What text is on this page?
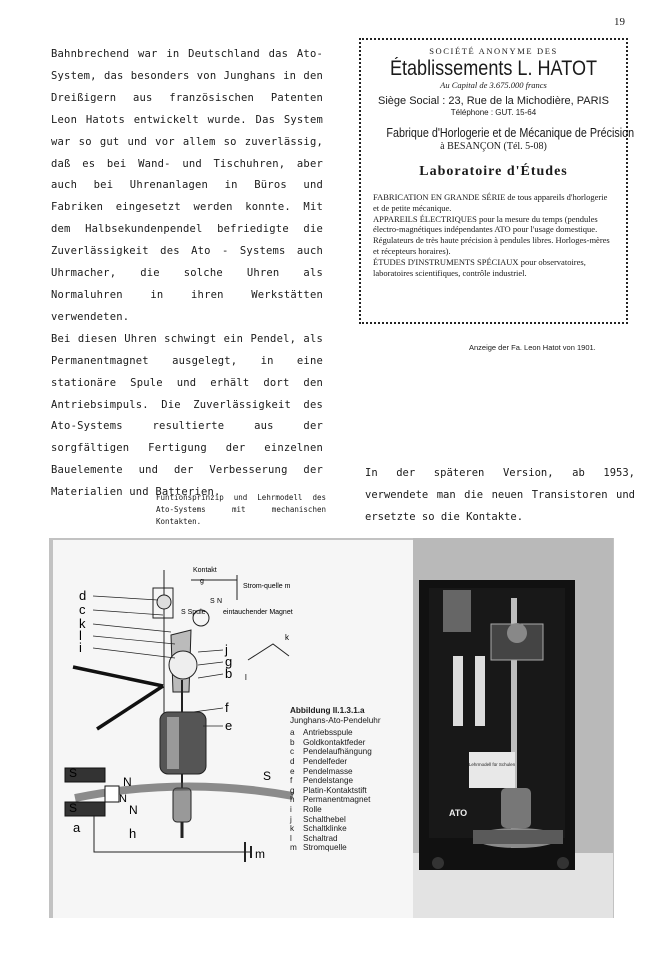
19

Bahnbrechend war in Deutschland das Ato-System, das besonders von Junghans in den Dreißigern aus französischen Patenten Leon Hatots entwickelt wurde. Das System war so gut und vor allem so zuverlässig, daß es bei Wand- und Tischuhren, aber auch bei Uhrenanlagen in Büros und Fabriken eingesetzt werden konnte. Mit dem Halbsekundenpendel befriedigte die Zuverlässigkeit des Ato - Systems auch Uhrmacher, die solche Uhren als Normaluhren in ihren Werkstätten verwendeten.

Bei diesen Uhren schwingt ein Pendel, als Permanentmagnet ausgelegt, in eine stationäre Spule und erhält dort den Antriebsimpuls. Die Zuverlässigkeit des Ato-Systems resultierte aus der sorgfältigen Fertigung der einzelnen Bauelemente und der Verbesserung der Materialien und Batterien.

SOCIÉTÉ ANONYME DES
Établissements L. HATOT
Au Capital de 3.675.000 francs
Siège Social : 23, Rue de la Michodière, PARIS
Téléphone : GUT. 15-64
Fabrique d'Horlogerie et de Mécanique de Précision
à BESANÇON (Tél. 5-08)
Laboratoire d'Études
FABRICATION EN GRANDE SÉRIE de tous appareils d'horlogerie et de petite mécanique.
APPAREILS ÉLECTRIQUES pour la mesure du temps (pendules électro-magnétiques indépendantes ATO pour l'usage domestique. Régulateurs de très haute précision à pendules libres. Horloges-mères et récepteurs horaires).
ÉTUDES D'INSTRUMENTS SPÉCIAUX pour observatoires, laboratoires scientifiques, contrôle industriel.
Anzeige der Fa. Leon Hatot von 1901.

In der späteren Version, ab 1953, verwendete man die neuen Transistoren und ersetzte so die Kontakte.

Funtionsprinzip und Lehrmodell des Ato-Systems mit mechanischen Kontakten.
d
c
k
l
i	j
g
b
f
e
Kontakt
g
Strom-quelle m
S Spule eintauchender Magnet
S N
S
N
N
S	N
S
a	h
m
k
l
Abbildung II.1.3.1.a
Junghans-Ato-Pendeluhr
a	Antriebsspule
b	Goldkontaktfeder
c	Pendelaufhängung
d	Pendelfeder
e	Pendelmasse
f	Pendelstange
g	Platin-Kontaktstift
h	Permanentmagnet
i	Rolle
j	Schalthebel
k	Schaltklinke
l	Schaltrad
m Stromquelle
Lehrmodell für Schulen
ATO
